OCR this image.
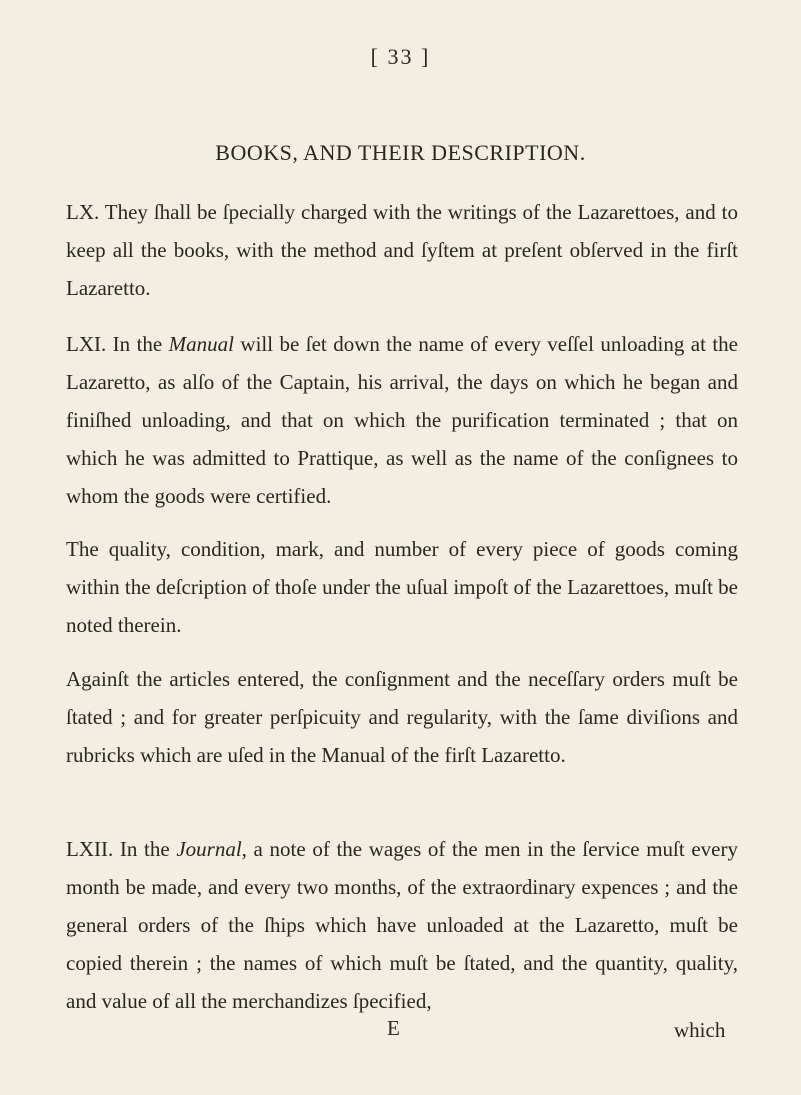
[ 33 ]
BOOKS, AND THEIR DESCRIPTION.

LX. They ſhall be ſpecially charged with the writings of the Lazarettoes, and to keep all the books, with the method and ſyſtem at preſent obſerved in the firſt Lazaretto.

LXI. In the Manual will be ſet down the name of every veſſel unloading at the Lazaretto, as alſo of the Captain, his arrival, the days on which he began and finiſhed unloading, and that on which the purification terminated ; that on which he was admitted to Prattique, as well as the name of the conſignees to whom the goods were certified.

The quality, condition, mark, and number of every piece of goods coming within the deſcription of thoſe under the uſual impoſt of the Lazarettoes, muſt be noted therein.

Againſt the articles entered, the conſignment and the neceſſary orders muſt be ſtated ; and for greater perſpicuity and regularity, with the ſame diviſions and rubricks which are uſed in the Manual of the firſt Lazaretto.

LXII. In the Journal, a note of the wages of the men in the ſervice muſt every month be made, and every two months, of the extraordinary expences ; and the general orders of the ſhips which have unloaded at the Lazaretto, muſt be copied therein ; the names of which muſt be ſtated, and the quantity, quality, and value of all the merchandizes ſpecified,

E	which
